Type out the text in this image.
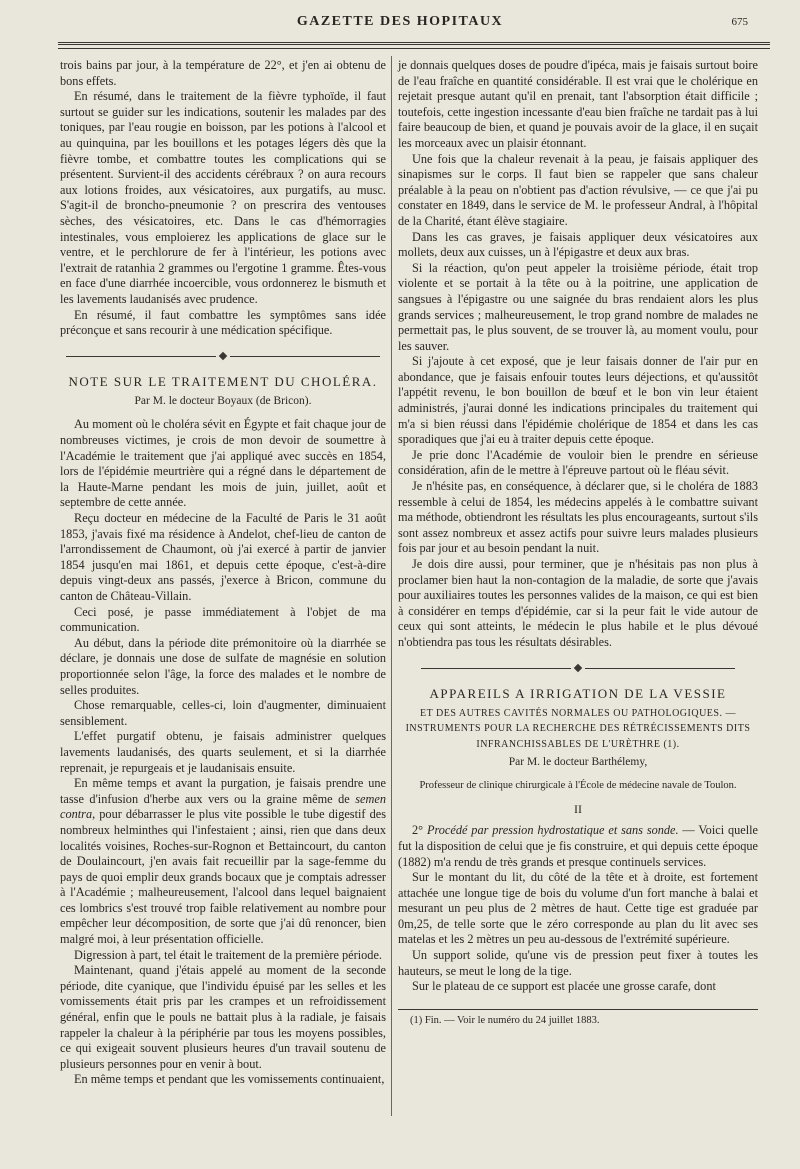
GAZETTE DES HOPITAUX	675

trois bains par jour, à la température de 22°, et j'en ai obtenu de bons effets.

En résumé, dans le traitement de la fièvre typhoïde, il faut surtout se guider sur les indications, soutenir les malades par des toniques, par l'eau rougie en boisson, par les potions à l'alcool et au quinquina, par les bouillons et les potages légers dès que la fièvre tombe, et combattre toutes les complications qui se présentent. Survient-il des accidents cérébraux ? on aura recours aux lotions froides, aux vésicatoires, aux purgatifs, au musc. S'agit-il de broncho-pneumonie ? on prescrira des ventouses sèches, des vésicatoires, etc. Dans le cas d'hémorragies intestinales, vous emploierez les applications de glace sur le ventre, et le perchlorure de fer à l'intérieur, les potions avec l'extrait de ratanhia 2 grammes ou l'ergotine 1 gramme. Êtes-vous en face d'une diarrhée incoercible, vous ordonnerez le bismuth et les lavements laudanisés avec prudence.

En résumé, il faut combattre les symptômes sans idée préconçue et sans recourir à une médication spécifique.

NOTE SUR LE TRAITEMENT DU CHOLÉRA.
Par M. le docteur Boyaux (de Bricon).

Au moment où le choléra sévit en Égypte et fait chaque jour de nombreuses victimes, je crois de mon devoir de soumettre à l'Académie le traitement que j'ai appliqué avec succès en 1854, lors de l'épidémie meurtrière qui a régné dans le département de la Haute-Marne pendant les mois de juin, juillet, août et septembre de cette année.

Reçu docteur en médecine de la Faculté de Paris le 31 août 1853, j'avais fixé ma résidence à Andelot, chef-lieu de canton de l'arrondissement de Chaumont, où j'ai exercé à partir de janvier 1854 jusqu'en mai 1861, et depuis cette époque, c'est-à-dire depuis vingt-deux ans passés, j'exerce à Bricon, commune du canton de Château-Villain.

Ceci posé, je passe immédiatement à l'objet de ma communication.

Au début, dans la période dite prémonitoire où la diarrhée se déclare, je donnais une dose de sulfate de magnésie en solution proportionnée selon l'âge, la force des malades et le nombre de selles produites.

Chose remarquable, celles-ci, loin d'augmenter, diminuaient sensiblement.

L'effet purgatif obtenu, je faisais administrer quelques lavements laudanisés, des quarts seulement, et si la diarrhée reprenait, je repurgeais et je laudanisais ensuite.

En même temps et avant la purgation, je faisais prendre une tasse d'infusion d'herbe aux vers ou la graine même de semen contra, pour débarrasser le plus vite possible le tube digestif des nombreux helminthes qui l'infestaient ; ainsi, rien que dans deux localités voisines, Roches-sur-Rognon et Bettaincourt, du canton de Doulaincourt, j'en avais fait recueillir par la sage-femme du pays de quoi emplir deux grands bocaux que je comptais adresser à l'Académie ; malheureusement, l'alcool dans lequel baignaient ces lombrics s'est trouvé trop faible relativement au nombre pour empêcher leur décomposition, de sorte que j'ai dû renoncer, bien malgré moi, à leur présentation officielle.

Digression à part, tel était le traitement de la première période.

Maintenant, quand j'étais appelé au moment de la seconde période, dite cyanique, que l'individu épuisé par les selles et les vomissements était pris par les crampes et un refroidissement général, enfin que le pouls ne battait plus à la radiale, je faisais rappeler la chaleur à la périphérie par tous les moyens possibles, ce qui exigeait souvent plusieurs heures d'un travail soutenu de plusieurs personnes pour en venir à bout.

En même temps et pendant que les vomissements continuaient,

je donnais quelques doses de poudre d'ipéca, mais je faisais surtout boire de l'eau fraîche en quantité considérable. Il est vrai que le cholérique en rejetait presque autant qu'il en prenait, tant l'absorption était difficile ; toutefois, cette ingestion incessante d'eau bien fraîche ne tardait pas à lui faire beaucoup de bien, et quand je pouvais avoir de la glace, il en suçait les morceaux avec un plaisir étonnant.

Une fois que la chaleur revenait à la peau, je faisais appliquer des sinapismes sur le corps. Il faut bien se rappeler que sans chaleur préalable à la peau on n'obtient pas d'action révulsive, — ce que j'ai pu constater en 1849, dans le service de M. le professeur Andral, à l'hôpital de la Charité, étant élève stagiaire.

Dans les cas graves, je faisais appliquer deux vésicatoires aux mollets, deux aux cuisses, un à l'épigastre et deux aux bras.

Si la réaction, qu'on peut appeler la troisième période, était trop violente et se portait à la tête ou à la poitrine, une application de sangsues à l'épigastre ou une saignée du bras rendaient alors les plus grands services ; malheureusement, le trop grand nombre de malades ne permettait pas, le plus souvent, de se trouver là, au moment voulu, pour les sauver.

Si j'ajoute à cet exposé, que je leur faisais donner de l'air pur en abondance, que je faisais enfouir toutes leurs déjections, et qu'aussitôt l'appétit revenu, le bon bouillon de bœuf et le bon vin leur étaient administrés, j'aurai donné les indications principales du traitement qui m'a si bien réussi dans l'épidémie cholérique de 1854 et dans les cas sporadiques que j'ai eu à traiter depuis cette époque.

Je prie donc l'Académie de vouloir bien le prendre en sérieuse considération, afin de le mettre à l'épreuve partout où le fléau sévit.

Je n'hésite pas, en conséquence, à déclarer que, si le choléra de 1883 ressemble à celui de 1854, les médecins appelés à le combattre suivant ma méthode, obtiendront les résultats les plus encourageants, surtout s'ils sont assez nombreux et assez actifs pour suivre leurs malades plusieurs fois par jour et au besoin pendant la nuit.

Je dois dire aussi, pour terminer, que je n'hésitais pas non plus à proclamer bien haut la non-contagion de la maladie, de sorte que j'avais pour auxiliaires toutes les personnes valides de la maison, ce qui est bien à considérer en temps d'épidémie, car si la peur fait le vide autour de ceux qui sont atteints, le médecin le plus habile et le plus dévoué n'obtiendra pas tous les résultats désirables.

APPAREILS A IRRIGATION DE LA VESSIE
ET DES AUTRES CAVITÉS NORMALES OU PATHOLOGIQUES. — INSTRUMENTS POUR LA RECHERCHE DES RÉTRÉCISSEMENTS DITS INFRANCHISSABLES DE L'URÈTHRE (1).
Par M. le docteur Barthélemy,
Professeur de clinique chirurgicale à l'École de médecine navale de Toulon.
II

2° Procédé par pression hydrostatique et sans sonde. — Voici quelle fut la disposition de celui que je fis construire, et qui depuis cette époque (1882) m'a rendu de très grands et presque continuels services.

Sur le montant du lit, du côté de la tête et à droite, est fortement attachée une longue tige de bois du volume d'un fort manche à balai et mesurant un peu plus de 2 mètres de haut. Cette tige est graduée par 0m,25, de telle sorte que le zéro corresponde au plan du lit avec ses matelas et les 2 mètres un peu au-dessous de l'extrémité supérieure.

Un support solide, qu'une vis de pression peut fixer à toutes les hauteurs, se meut le long de la tige.

Sur le plateau de ce support est placée une grosse carafe, dont

(1) Fin. — Voir le numéro du 24 juillet 1883.
